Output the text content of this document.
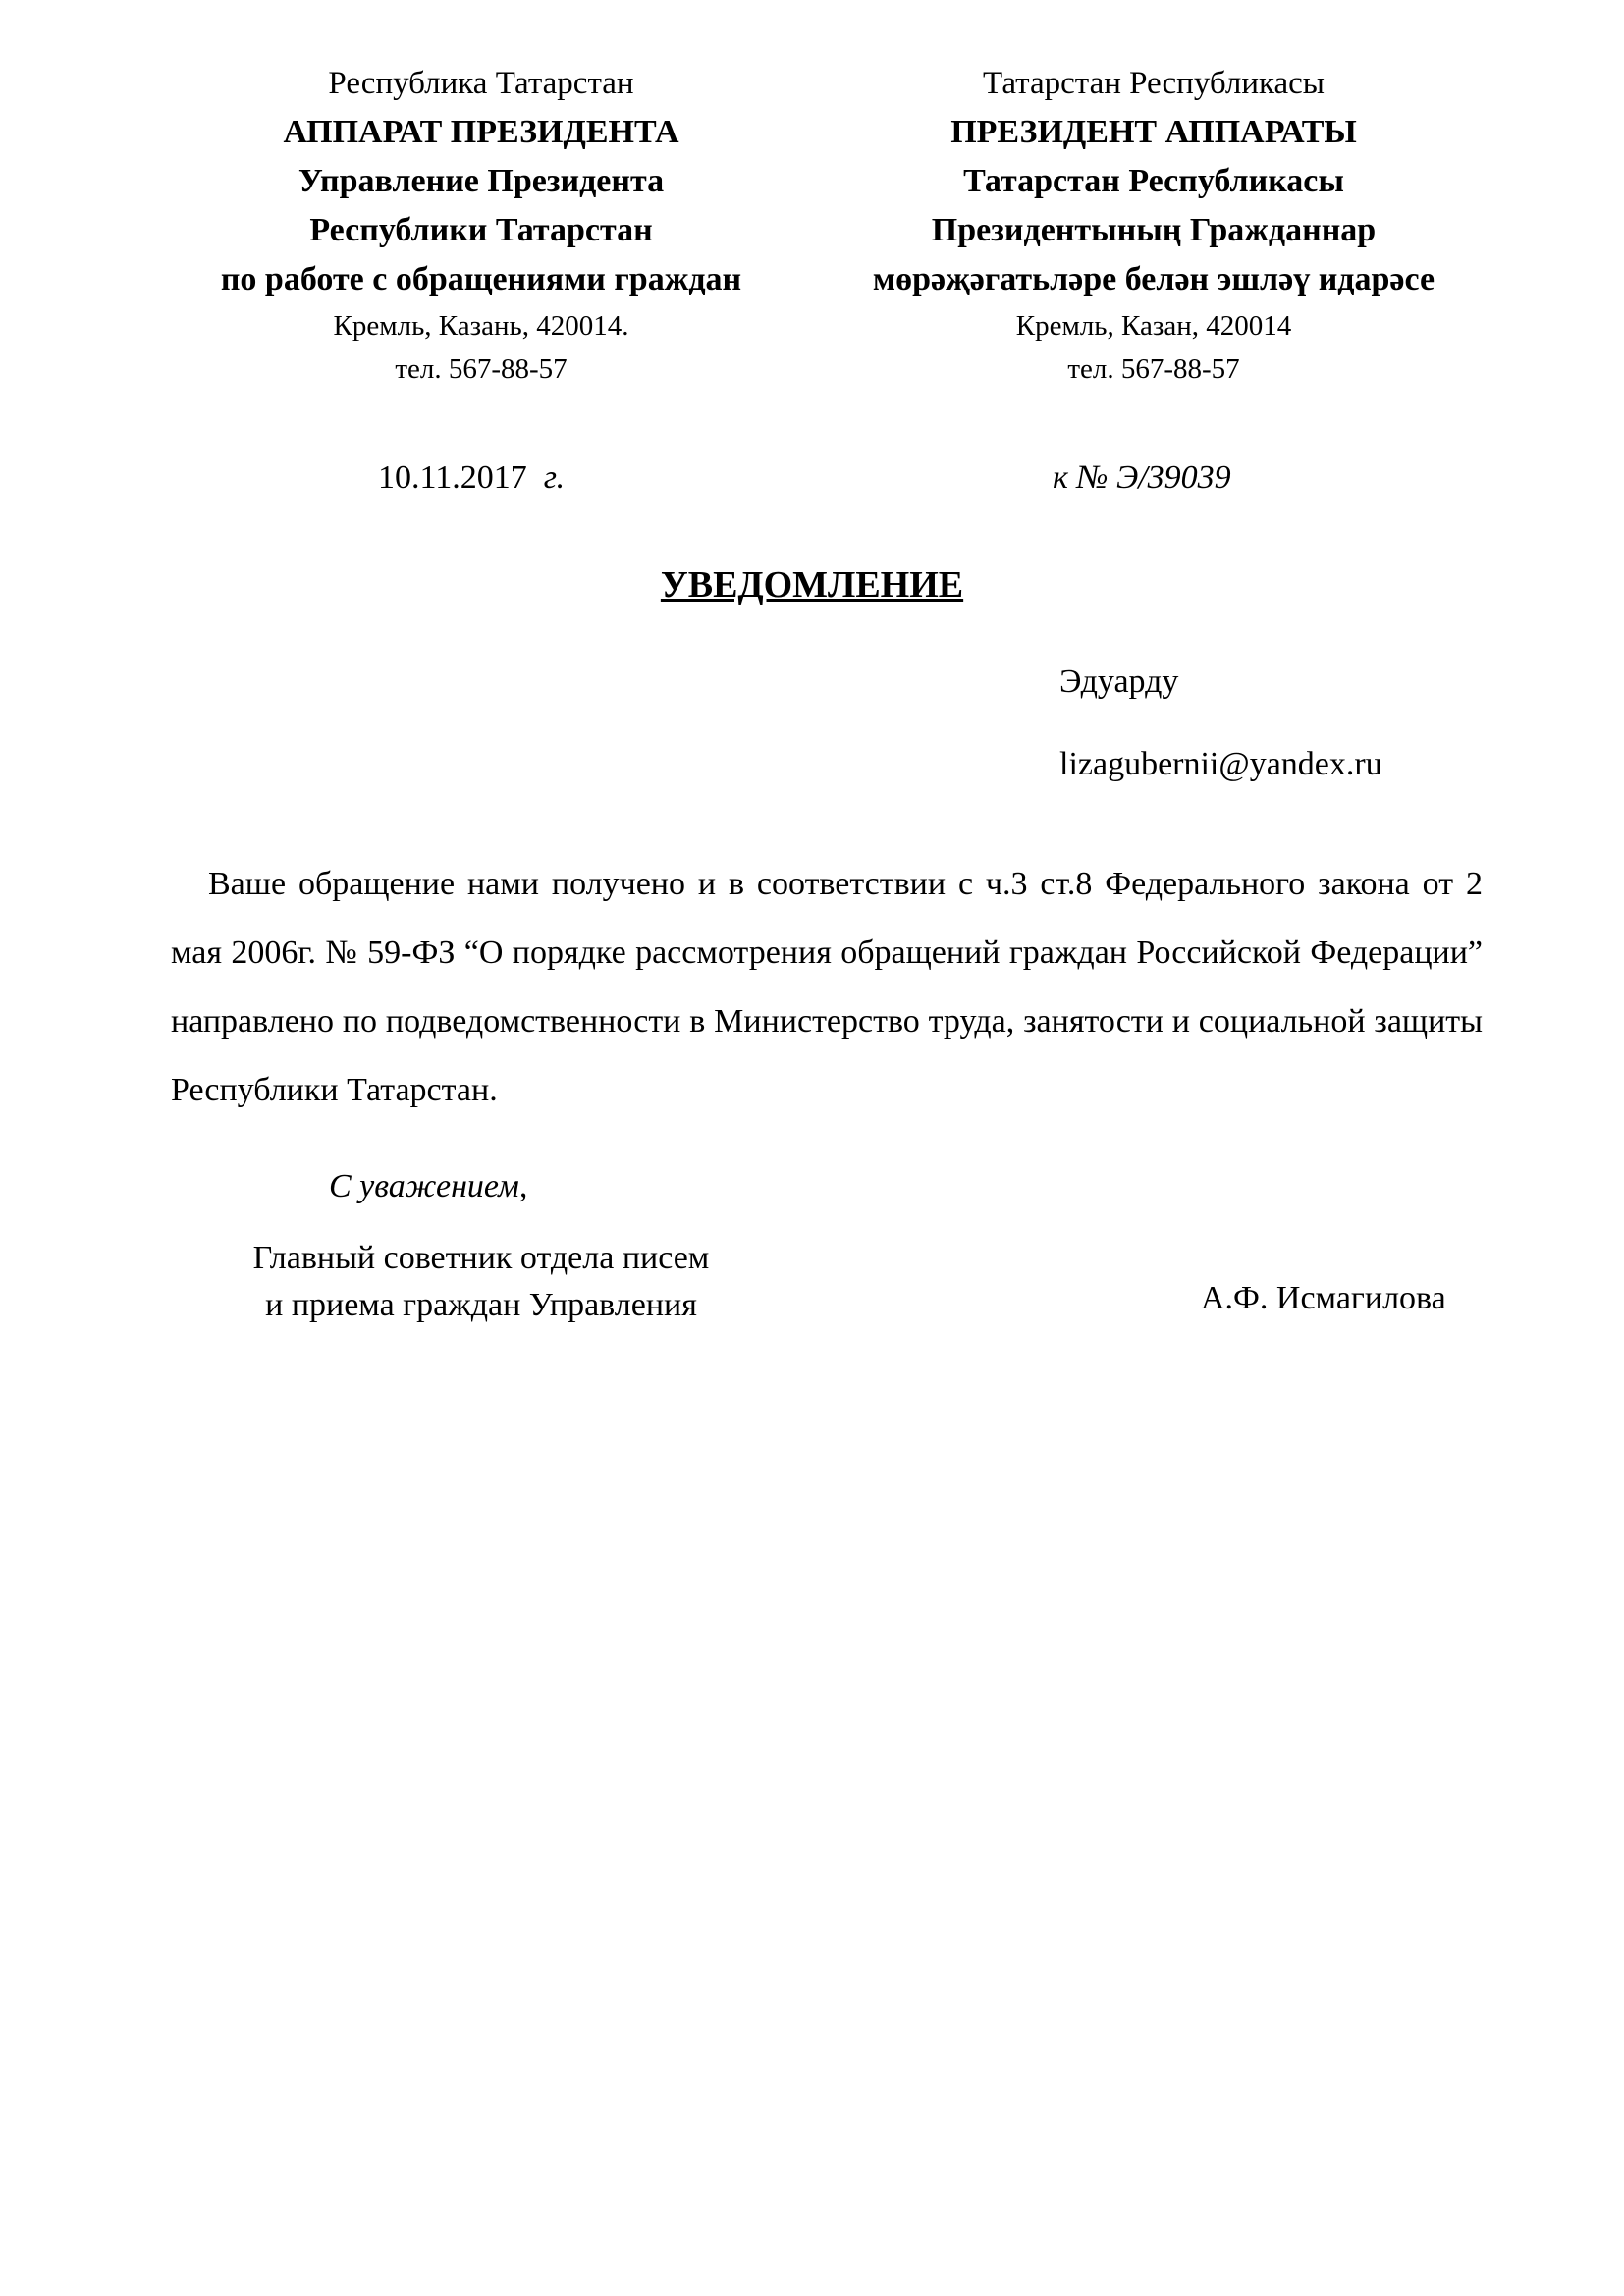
Республика Татарстан
АППАРАТ ПРЕЗИДЕНТА
Управление Президента
Республики Татарстан
по работе с обращениями граждан
Кремль, Казань, 420014.
тел. 567-88-57
Татарстан Республикасы
ПРЕЗИДЕНТ АППАРАТЫ
Татарстан Республикасы
Президентының Гражданнар
мөрәҗәгатьләре белән эшләү идарәсе
Кремль, Казан, 420014
тел. 567-88-57
10.11.2017 г.	к № Э/39039
УВЕДОМЛЕНИЕ
Эдуарду
lizagubernii@yandex.ru
Ваше обращение нами получено и в соответствии с ч.3 ст.8 Федерального закона от 2 мая 2006г. № 59-ФЗ “О порядке рассмотрения обращений граждан Российской Федерации” направлено по подведомственности в Министерство труда, занятости и социальной защиты Республики Татарстан.
С уважением,
Главный советник отдела писем
и приема граждан Управления	А.Ф. Исмагилова
